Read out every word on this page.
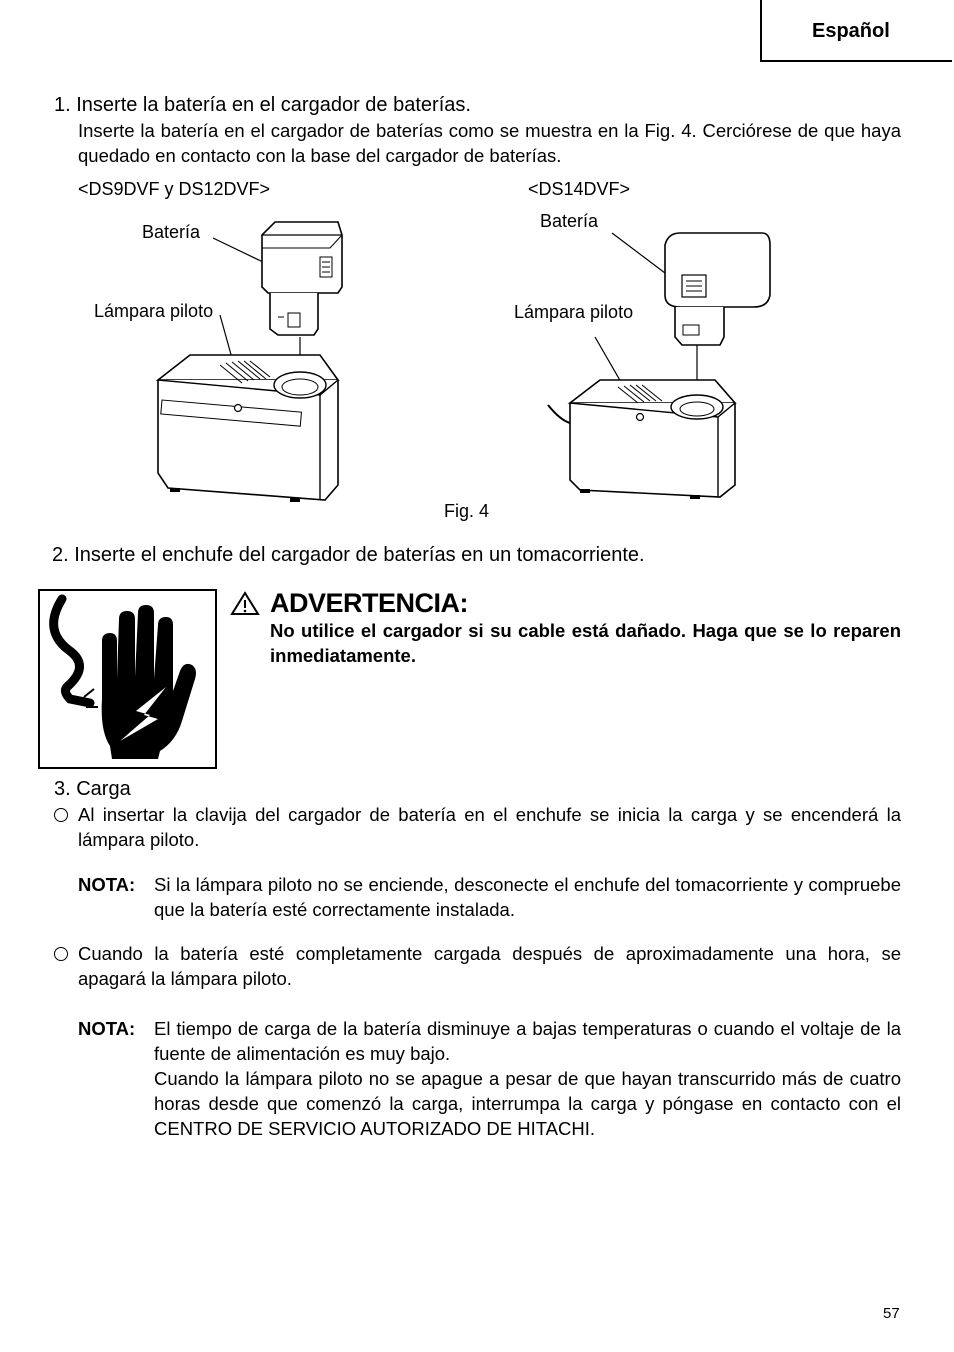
Español
1. Inserte la batería en el cargador de baterías.
Inserte la batería en el cargador de baterías como se muestra en la Fig. 4. Cerciórese de que haya quedado en contacto con la base del cargador de baterías.
<DS9DVF y DS12DVF>	<DS14DVF>
Batería
Lámpara piloto
Batería
Lámpara piloto
Fig. 4
2. Inserte el enchufe del cargador de baterías en un tomacorriente.
ADVERTENCIA:
No utilice el cargador si su cable está dañado. Haga que se lo reparen inmediatamente.
3. Carga
Al insertar la clavija del cargador de batería en el enchufe se inicia la carga y se encenderá la lámpara piloto.
NOTA: Si la lámpara piloto no se enciende, desconecte el enchufe del tomacorriente y compruebe que la batería esté correctamente instalada.
Cuando la batería esté completamente cargada después de aproximadamente una hora, se apagará la lámpara piloto.
NOTA: El tiempo de carga de la batería disminuye a bajas temperaturas o cuando el voltaje de la fuente de alimentación es muy bajo.
Cuando la lámpara piloto no se apague a pesar de que hayan transcurrido más de cuatro horas desde que comenzó la carga, interrumpa la carga y póngase en contacto con el CENTRO DE SERVICIO AUTORIZADO DE HITACHI.
57
